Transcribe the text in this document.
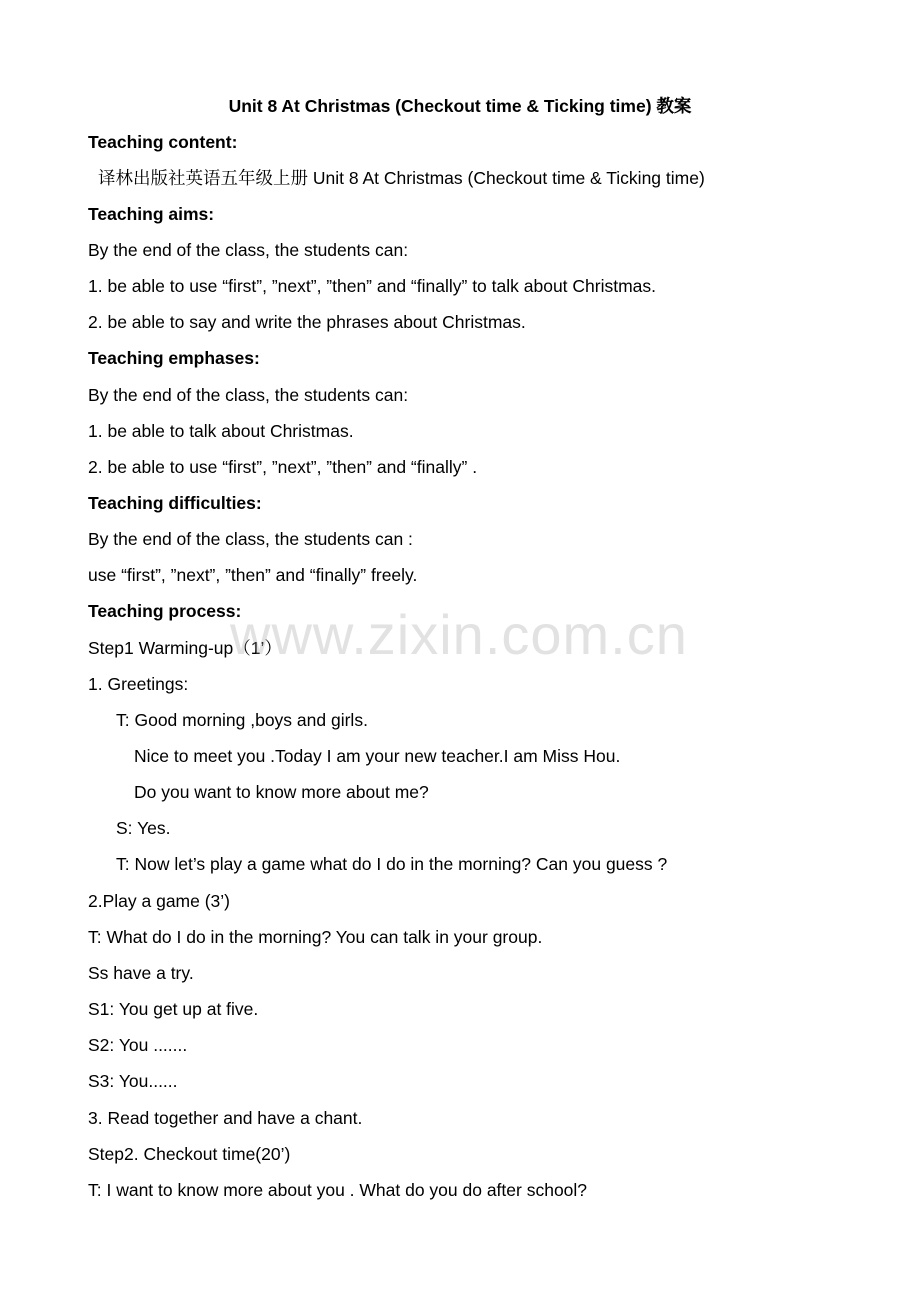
Unit 8 At Christmas (Checkout time & Ticking time) 教案
Teaching content:
译林出版社英语五年级上册 Unit 8 At Christmas (Checkout time & Ticking time)
Teaching aims:
By the end of the class, the students can:
1. be able to use “first”, ”next”, ”then” and “finally” to talk about Christmas.
2. be able to say and write the phrases about Christmas.
Teaching emphases:
By the end of the class, the students can:
1. be able to talk about Christmas.
2. be able to use “first”, ”next”, ”then” and “finally” .
Teaching difficulties:
By the end of the class, the students can :
use “first”, ”next”, ”then” and “finally” freely.
Teaching process:
Step1 Warming-up（1’）
1. Greetings:
T: Good morning ,boys and girls.
Nice to meet you .Today I am your new teacher.I am Miss Hou.
Do you want to know more about me?
S: Yes.
T: Now let’s play a game what do I do in the morning? Can you guess ?
2.Play a game (3’)
T: What do I do in the morning? You can talk in your group.
Ss have a try.
S1: You get up at five.
S2: You .......
S3: You......
3. Read together and have a chant.
Step2. Checkout time(20’)
T: I want to know more about you . What do you do after school?
www.zixin.com.cn
